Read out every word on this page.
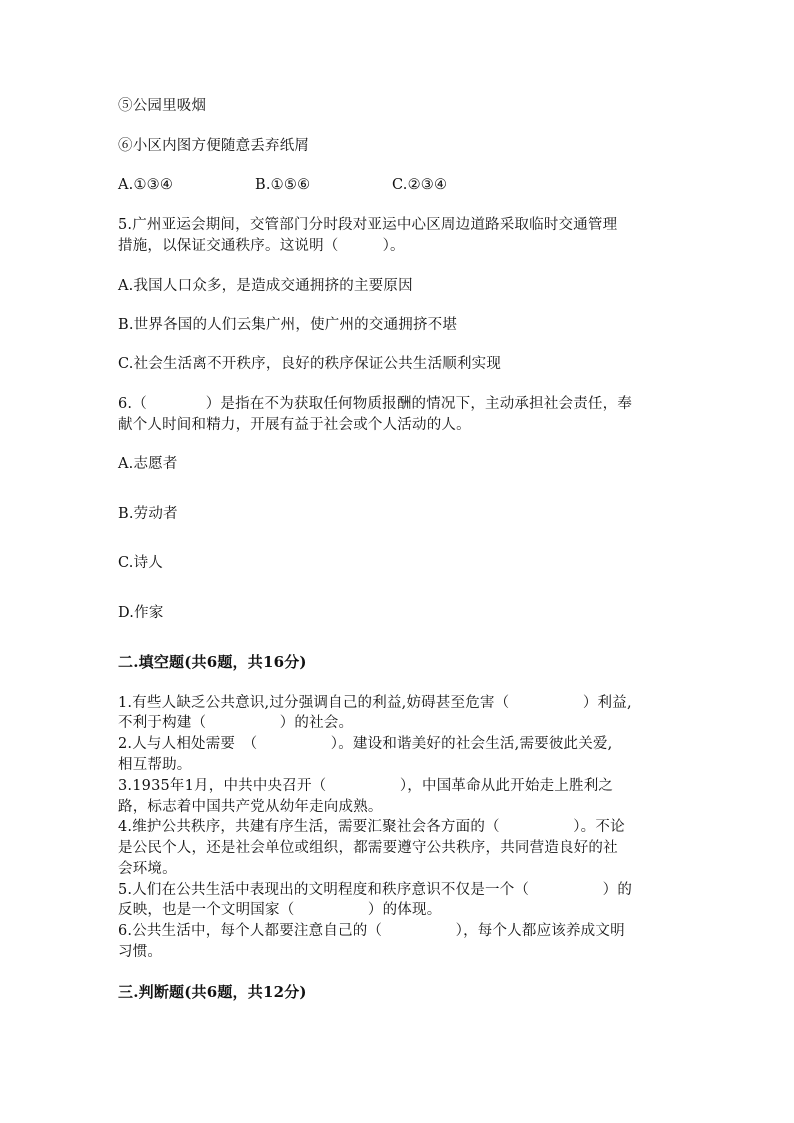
⑤公园里吸烟
⑥小区内图方便随意丢弃纸屑
A.①③④	B.①⑤⑥	C.②③④
5.广州亚运会期间，交管部门分时段对亚运中心区周边道路采取临时交通管理
措施，以保证交通秩序。这说明（　　　）。
A.我国人口众多，是造成交通拥挤的主要原因
B.世界各国的人们云集广州，使广州的交通拥挤不堪
C.社会生活离不开秩序，良好的秩序保证公共生活顺利实现
6.（　　　　）是指在不为获取任何物质报酬的情况下，主动承担社会责任，奉
献个人时间和精力，开展有益于社会或个人活动的人。
A.志愿者
B.劳动者
C.诗人
D.作家
二.填空题(共6题，共16分)
1.有些人缺乏公共意识,过分强调自己的利益,妨碍甚至危害（　　　　　）利益,
不利于构建（　　　　　）的社会。
2.人与人相处需要　（　　　　　）。建设和谐美好的社会生活,需要彼此关爱,
相互帮助。
3.1935年1月，中共中央召开（　　　　　），中国革命从此开始走上胜利之
路，标志着中国共产党从幼年走向成熟。
4.维护公共秩序，共建有序生活，需要汇聚社会各方面的（　　　　　）。不论
是公民个人，还是社会单位或组织，都需要遵守公共秩序，共同营造良好的社
会环境。
5.人们在公共生活中表现出的文明程度和秩序意识不仅是一个（　　　　　）的
反映，也是一个文明国家（　　　　　）的体现。
6.公共生活中，每个人都要注意自己的（　　　　　），每个人都应该养成文明
习惯。
三.判断题(共6题，共12分)
